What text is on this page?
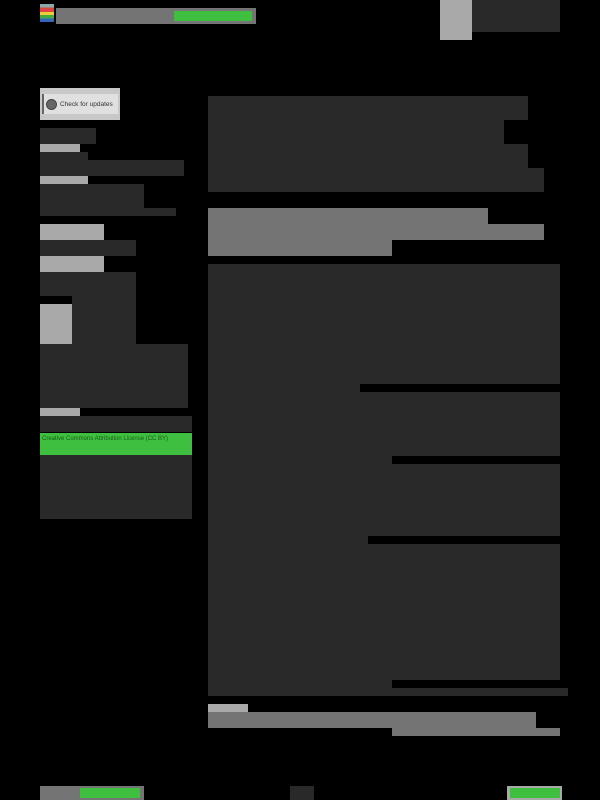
Check for updates
Creative Commons Attribution License (CC BY)
